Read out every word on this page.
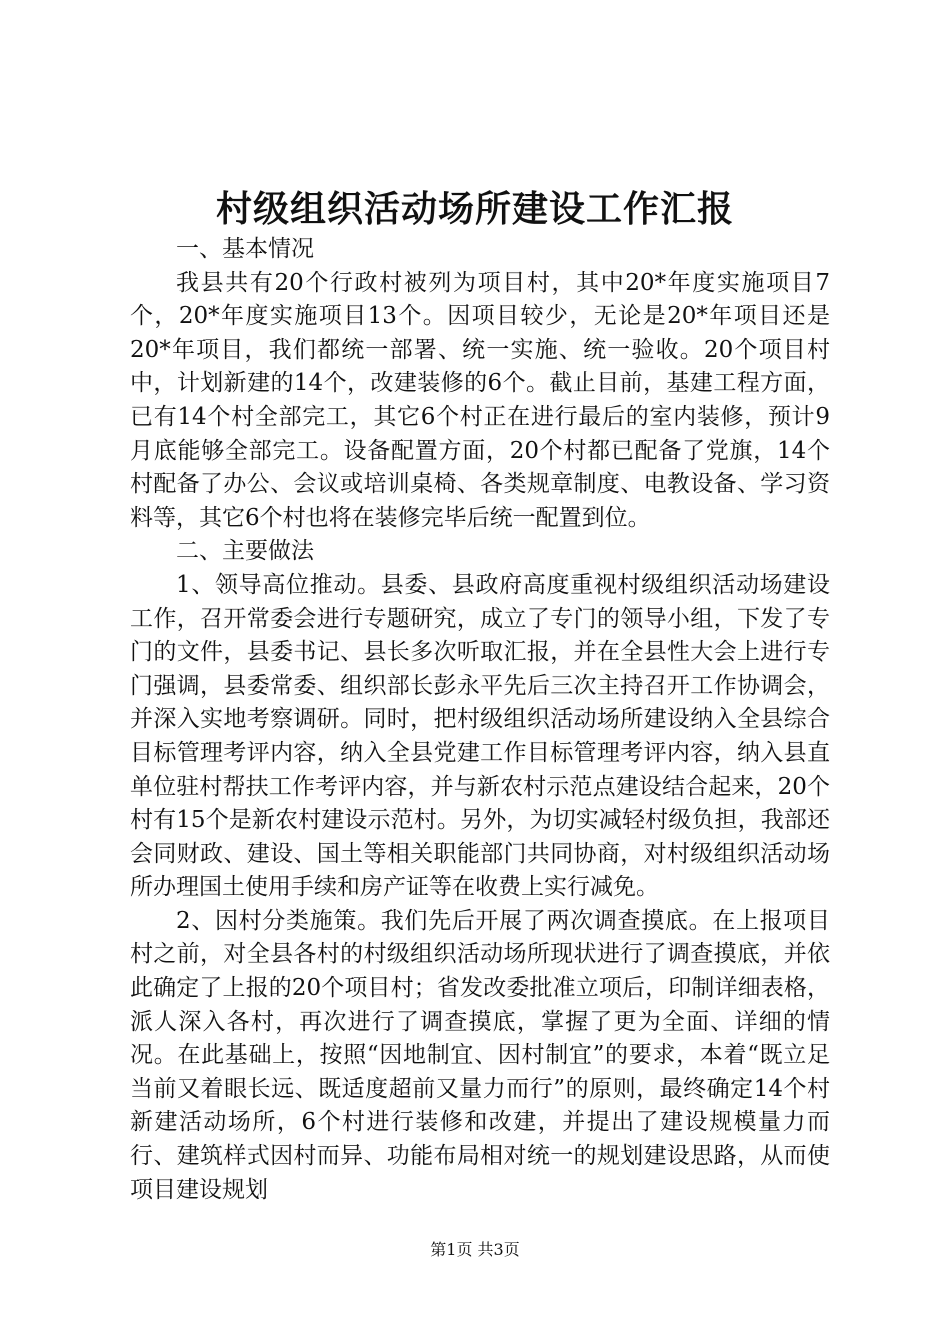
村级组织活动场所建设工作汇报

一、基本情况

我县共有20个行政村被列为项目村，其中20*年度实施项目7个，20*年度实施项目13个。因项目较少，无论是20*年项目还是20*年项目，我们都统一部署、统一实施、统一验收。20个项目村中，计划新建的14个，改建装修的6个。截止目前，基建工程方面，已有14个村全部完工，其它6个村正在进行最后的室内装修，预计9月底能够全部完工。设备配置方面，20个村都已配备了党旗，14个村配备了办公、会议或培训桌椅、各类规章制度、电教设备、学习资料等，其它6个村也将在装修完毕后统一配置到位。

二、主要做法

1、领导高位推动。县委、县政府高度重视村级组织活动场建设工作，召开常委会进行专题研究，成立了专门的领导小组，下发了专门的文件，县委书记、县长多次听取汇报，并在全县性大会上进行专门强调，县委常委、组织部长彭永平先后三次主持召开工作协调会，并深入实地考察调研。同时，把村级组织活动场所建设纳入全县综合目标管理考评内容，纳入全县党建工作目标管理考评内容，纳入县直单位驻村帮扶工作考评内容，并与新农村示范点建设结合起来，20个村有15个是新农村建设示范村。另外，为切实减轻村级负担，我部还会同财政、建设、国土等相关职能部门共同协商，对村级组织活动场所办理国土使用手续和房产证等在收费上实行减免。

2、因村分类施策。我们先后开展了两次调查摸底。在上报项目村之前，对全县各村的村级组织活动场所现状进行了调查摸底，并依此确定了上报的20个项目村；省发改委批准立项后，印制详细表格，派人深入各村，再次进行了调查摸底，掌握了更为全面、详细的情况。在此基础上，按照“因地制宜、因村制宜”的要求，本着“既立足当前又着眼长远、既适度超前又量力而行”的原则，最终确定14个村新建活动场所，6个村进行装修和改建，并提出了建设规模量力而行、建筑样式因村而异、功能布局相对统一的规划建设思路，从而使项目建设规划

第1页 共3页
